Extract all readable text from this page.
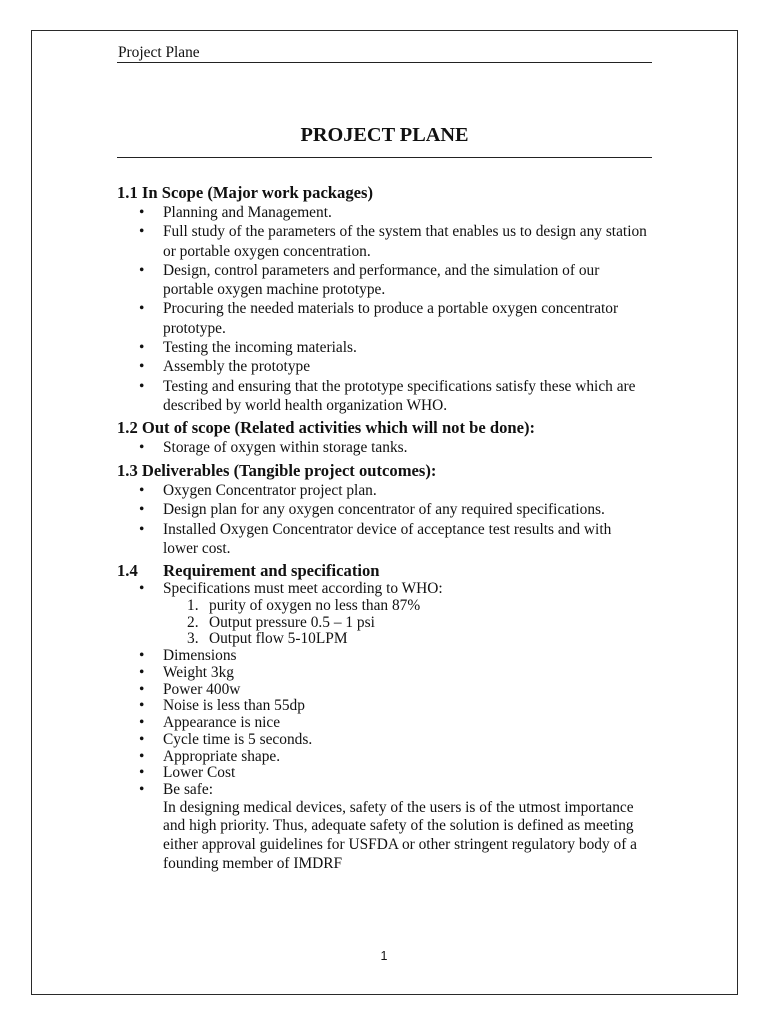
Project Plane
PROJECT PLANE
1.1 In Scope (Major work packages)
•
Planning and Management.
•
Full study of the parameters of the system that enables us to design any station
or portable oxygen concentration.
•
Design, control parameters and performance, and the simulation of our
portable oxygen machine prototype.
•
Procuring the needed materials to produce a portable oxygen concentrator
prototype.
•
Testing the incoming materials.
•
Assembly the prototype
•
Testing and ensuring that the prototype specifications satisfy these which are
described by world health organization WHO.
1.2 Out of scope (Related activities which will not be done):
•
Storage of oxygen within storage tanks.
1.3 Deliverables (Tangible project outcomes):
•
Oxygen Concentrator project plan.
•
Design plan for any oxygen concentrator of any required specifications.
•
Installed Oxygen Concentrator device of acceptance test results and with
lower cost.
1.4 Requirement and specification
•
Specifications must meet according to WHO:
1. purity of oxygen no less than 87%
2. Output pressure 0.5 – 1 psi
3. Output flow 5-10LPM
•
Dimensions
•
Weight 3kg
•
Power 400w
•
Noise is less than 55dp
•
Appearance is nice
•
Cycle time is 5 seconds.
•
Appropriate shape.
•
Lower Cost
•
Be safe:
In designing medical devices, safety of the users is of the utmost importance
and high priority. Thus, adequate safety of the solution is defined as meeting
either approval guidelines for USFDA or other stringent regulatory body of a
founding member of IMDRF
1
